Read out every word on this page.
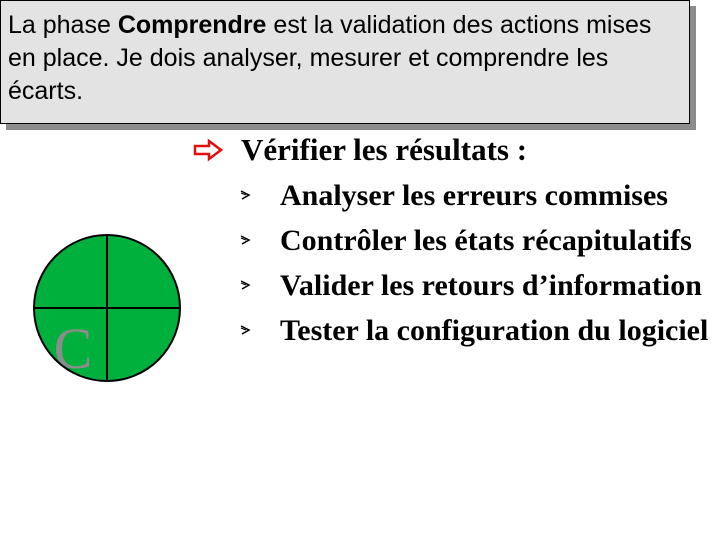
La phase Comprendre est la validation des actions mises en place. Je dois analyser, mesurer et comprendre les écarts.
Vérifier les résultats :
Analyser les erreurs commises
Contrôler les états récapitulatifs
Valider les retours d’information
Tester la configuration du logiciel
C
